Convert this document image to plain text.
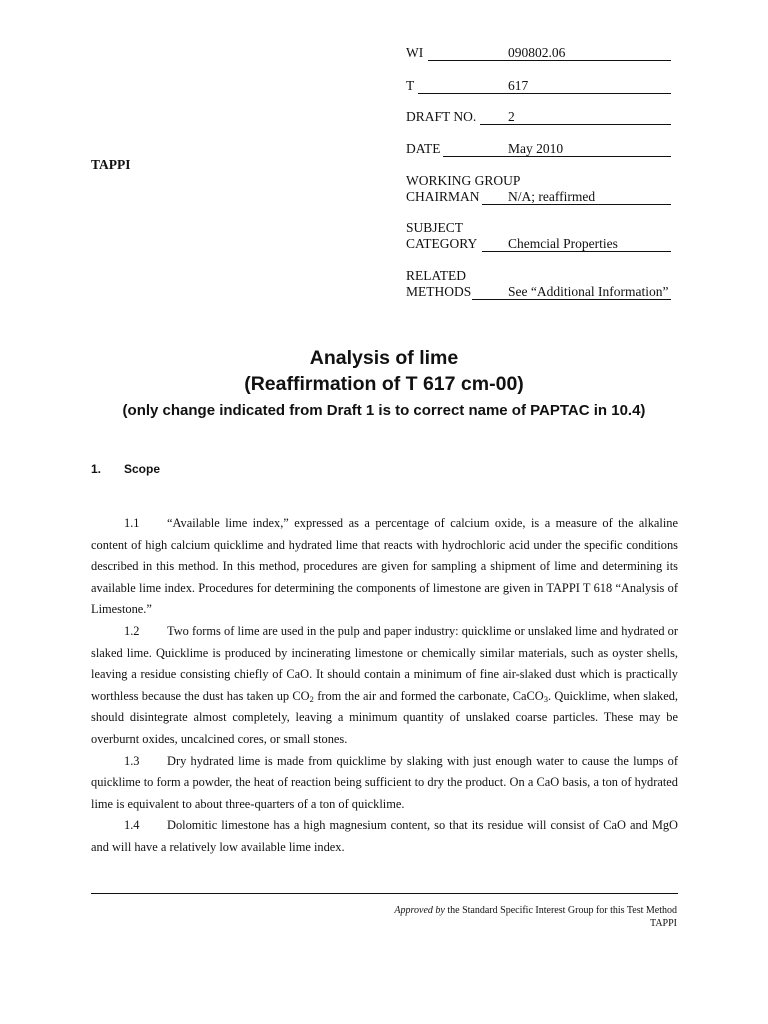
WI	090802.06
T	617
DRAFT NO. 2
DATE	May 2010
TAPPI
WORKING GROUP
CHAIRMAN N/A; reaffirmed
SUBJECT
CATEGORY Chemcial Properties
RELATED
METHODS	See “Additional Information”
Analysis of lime
(Reaffirmation of T 617 cm-00)
(only change indicated from Draft 1 is to correct name of PAPTAC in 10.4)
1. Scope

1.1 “Available lime index,” expressed as a percentage of calcium oxide, is a measure of the alkaline content of high calcium quicklime and hydrated lime that reacts with hydrochloric acid under the specific conditions described in this method. In this method, procedures are given for sampling a shipment of lime and determining its available lime index. Procedures for determining the components of limestone are given in TAPPI T 618 “Analysis of Limestone.”

1.2 Two forms of lime are used in the pulp and paper industry: quicklime or unslaked lime and hydrated or slaked lime. Quicklime is produced by incinerating limestone or chemically similar materials, such as oyster shells, leaving a residue consisting chiefly of CaO. It should contain a minimum of fine air-slaked dust which is practically worthless because the dust has taken up $CO_2$ from the air and formed the carbonate, CaCO$_3$. Quicklime, when slaked, should disintegrate almost completely, leaving a minimum quantity of unslaked coarse particles. These may be overburnt oxides, uncalcined cores, or small stones.

1.3 Dry hydrated lime is made from quicklime by slaking with just enough water to cause the lumps of quicklime to form a powder, the heat of reaction being sufficient to dry the product. On a CaO basis, a ton of hydrated lime is equivalent to about three-quarters of a ton of quicklime.

1.4 Dolomitic limestone has a high magnesium content, so that its residue will consist of CaO and MgO and will have a relatively low available lime index.

Approved by the Standard Specific Interest Group for this Test Method
TAPPI
